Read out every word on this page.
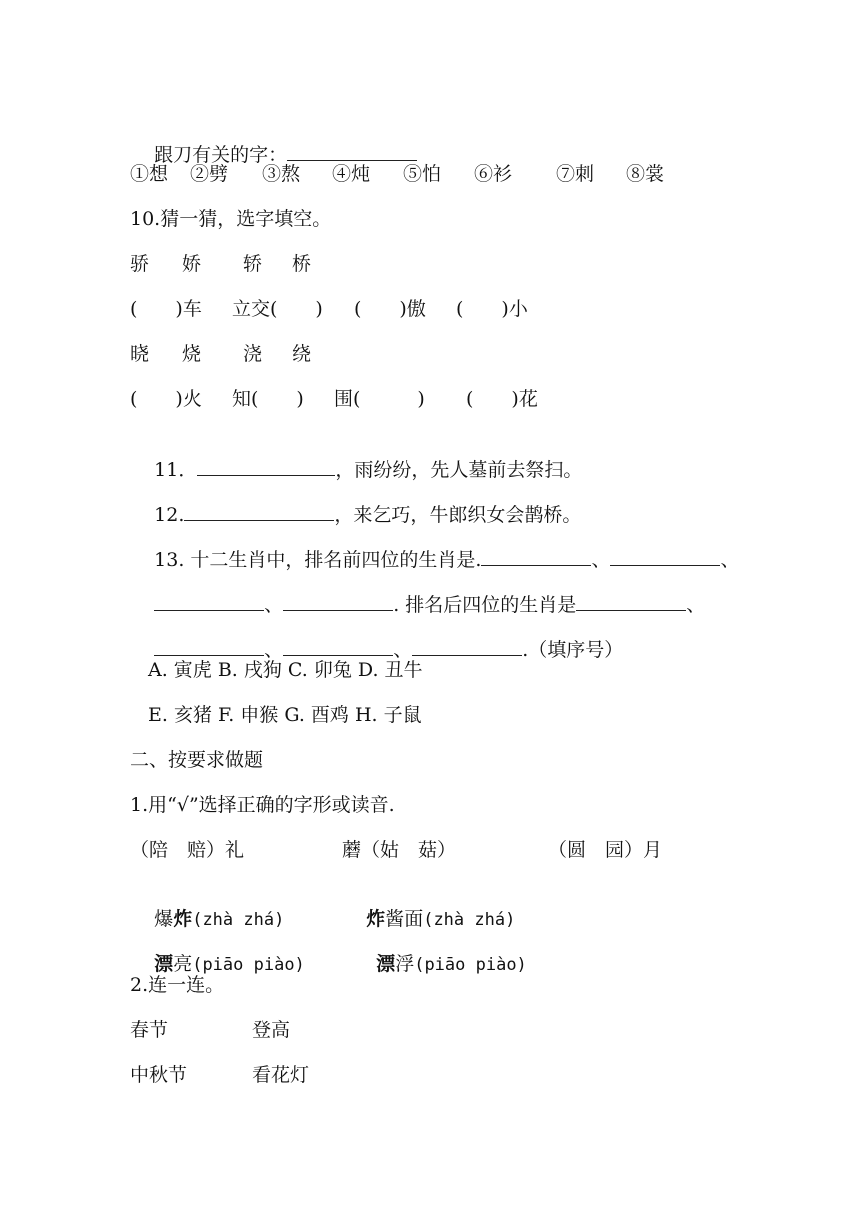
跟刀有关的字：

①想 ②劈 ③熬 ④炖 ⑤怕 ⑥衫 ⑦刺 ⑧裳
10.猜一猜，选字填空。
骄 娇 轿 桥
(　　)车 立交(　　) (　　)傲 (　　)小
晓 烧 浇 绕
(　　)火 知(　　) 围(　　　) (　　)花

11．	，雨纷纷，先人墓前去祭扫。

12.	，来乞巧，牛郎织女会鹊桥。

13. 十二生肖中，排名前四位的生肖是.	、	、

、	. 排名后四位的生肖是	、

、	、	.（填序号）

A. 寅虎 B. 戌狗 C. 卯兔 D. 丑牛
E. 亥猪 F. 申猴 G. 酉鸡 H. 子鼠
二、按要求做题
1.用“√”选择正确的字形或读音.
（陪　赔）礼	蘑（姑　菇）	（圆　园）月

爆炸(zhà zhá)
	炸酱面(zhà zhá)

漂亮(piāo piào)
	漂浮(piāo piào)

2.连一连。
春节	登高
中秋节	看花灯
